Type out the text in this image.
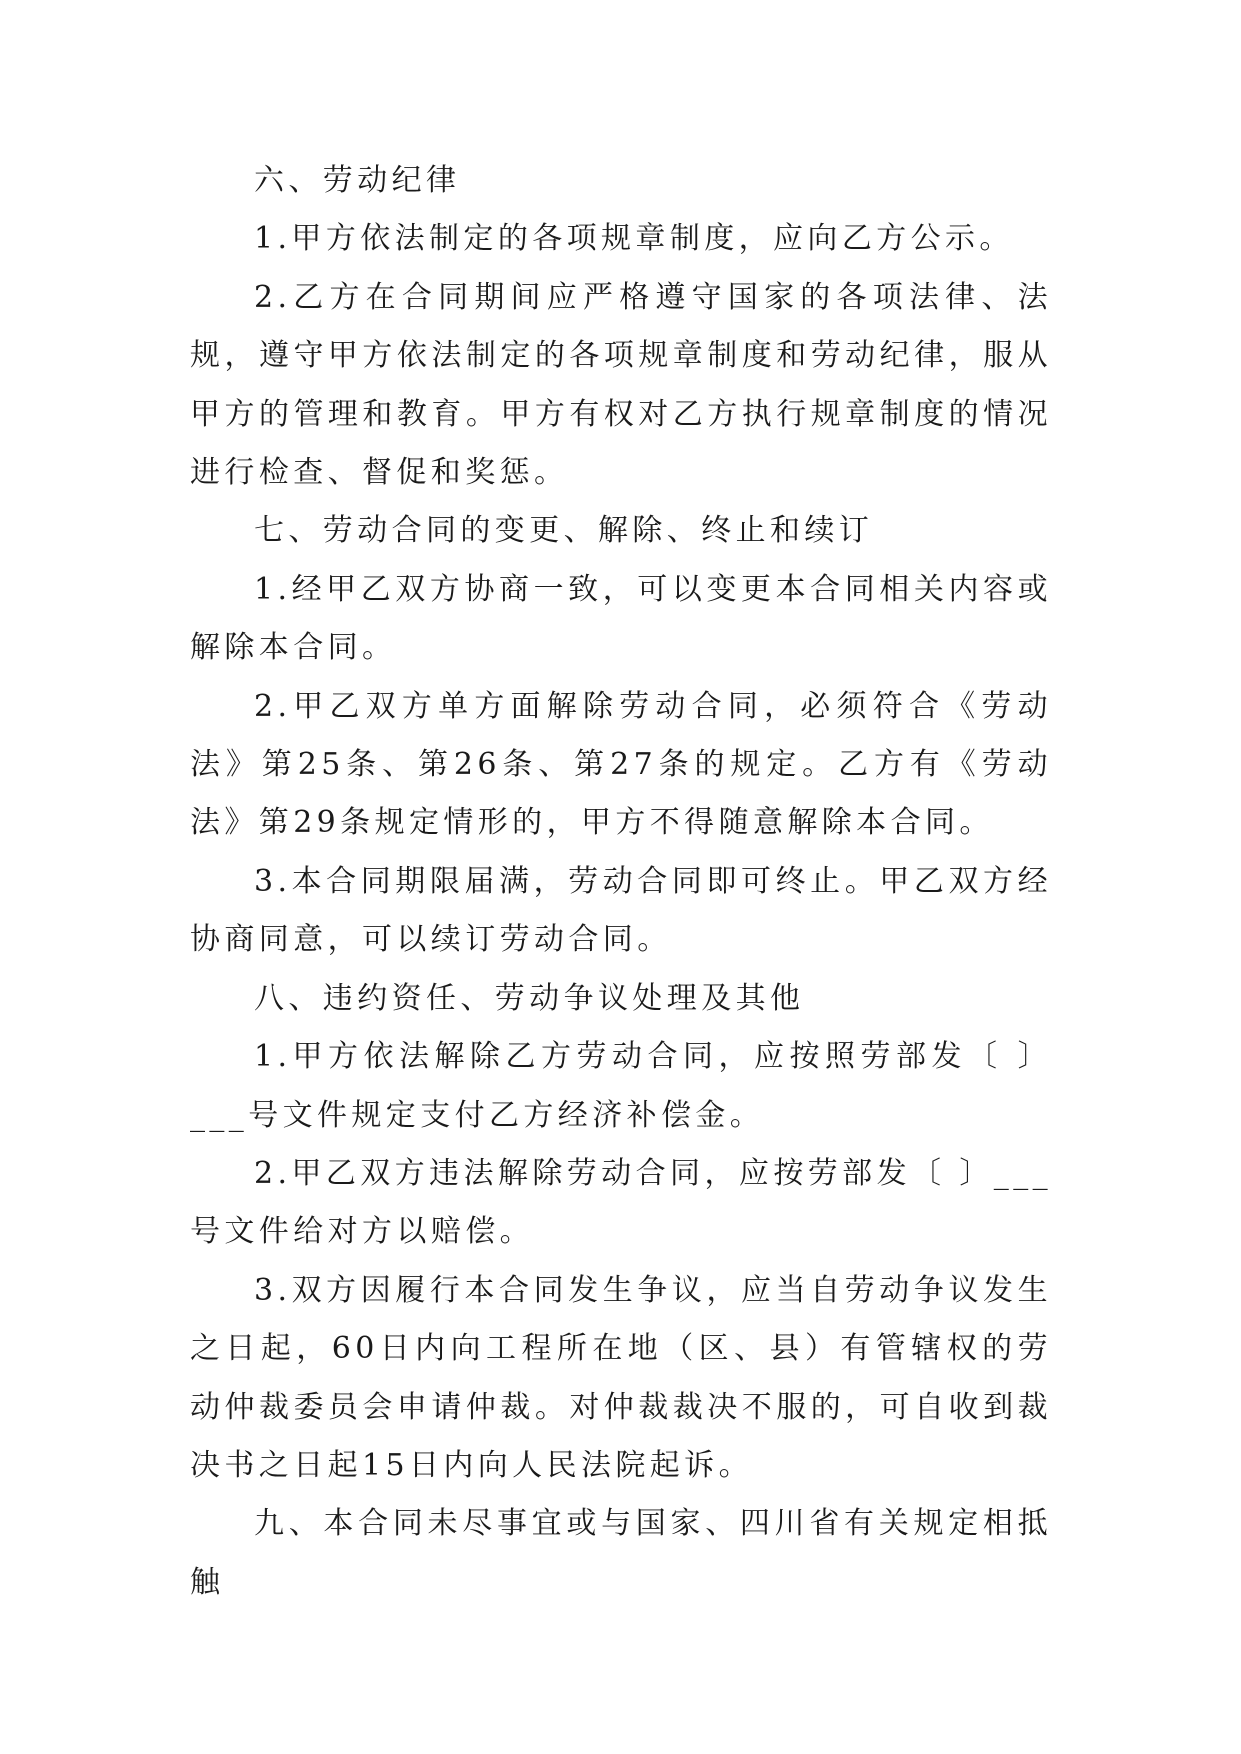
六、劳动纪律

1.甲方依法制定的各项规章制度，应向乙方公示。

2.乙方在合同期间应严格遵守国家的各项法律、法规，遵守甲方依法制定的各项规章制度和劳动纪律，服从甲方的管理和教育。甲方有权对乙方执行规章制度的情况进行检查、督促和奖惩。

七、劳动合同的变更、解除、终止和续订

1.经甲乙双方协商一致，可以变更本合同相关内容或解除本合同。

2.甲乙双方单方面解除劳动合同，必须符合《劳动法》第25条、第26条、第27条的规定。乙方有《劳动法》第29条规定情形的，甲方不得随意解除本合同。

3.本合同期限届满，劳动合同即可终止。甲乙双方经协商同意，可以续订劳动合同。

八、违约资任、劳动争议处理及其他

1.甲方依法解除乙方劳动合同，应按照劳部发〔 〕___号文件规定支付乙方经济补偿金。

2.甲乙双方违法解除劳动合同，应按劳部发〔 〕___号文件给对方以赔偿。

3.双方因履行本合同发生争议，应当自劳动争议发生之日起，60日内向工程所在地（区、县）有管辖权的劳动仲裁委员会申请仲裁。对仲裁裁决不服的，可自收到裁决书之日起15日内向人民法院起诉。

九、本合同未尽事宜或与国家、四川省有关规定相抵触
